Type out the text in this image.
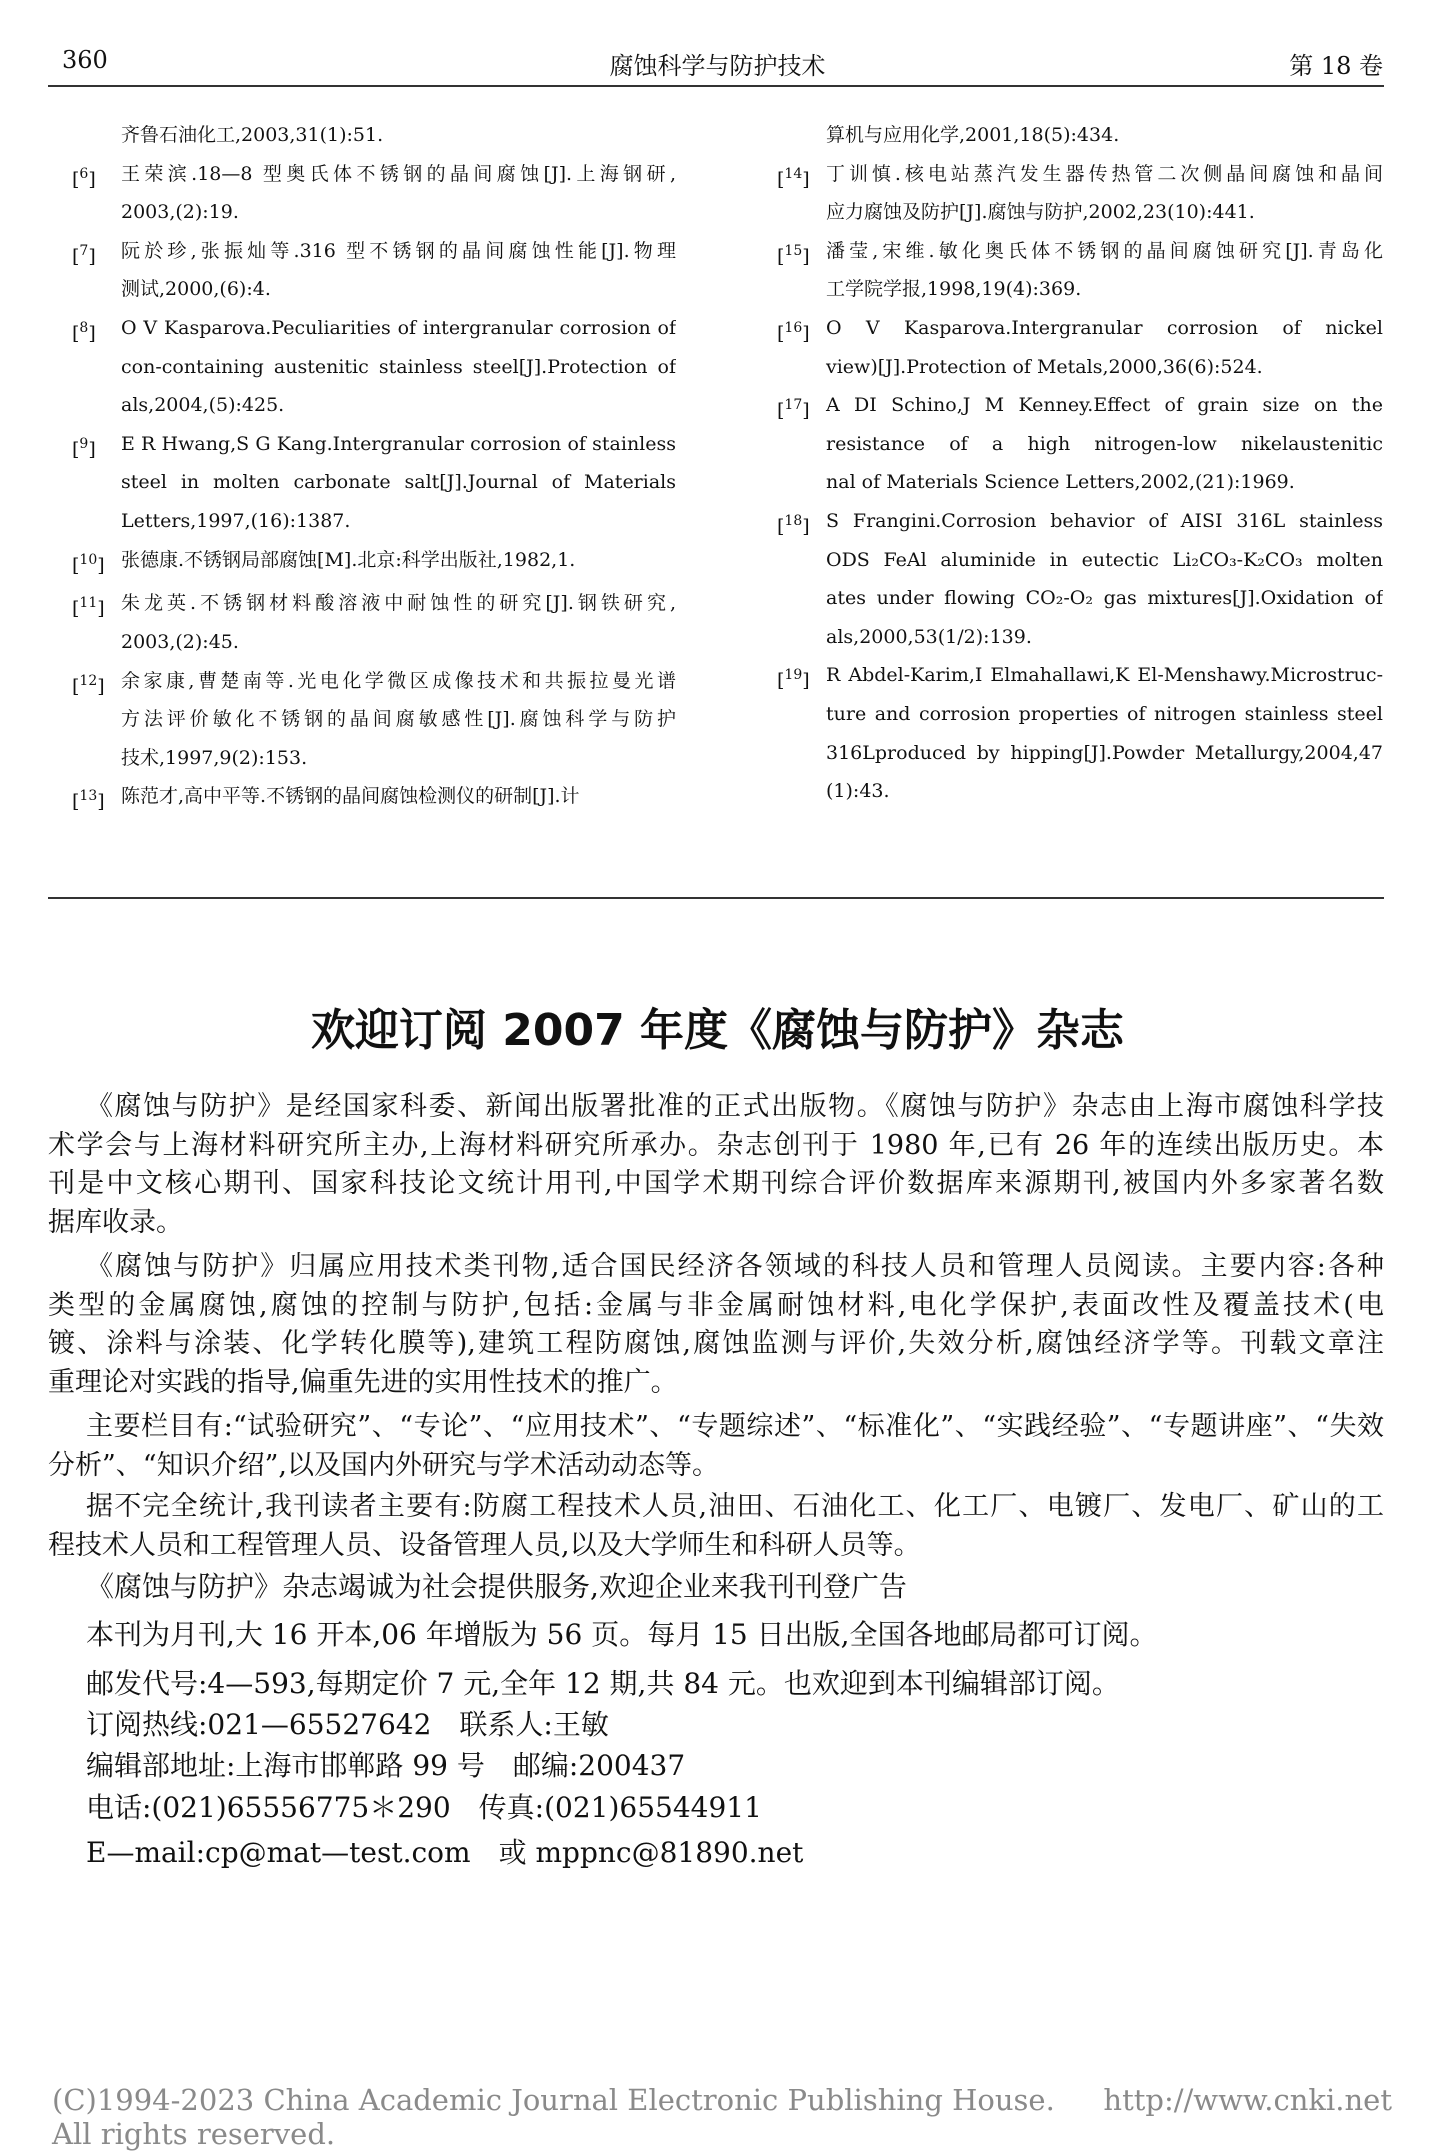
360	腐蚀科学与防护技术	第 18 卷
齐鲁石油化工,2003,31(1):51.
[$^6$]	王荣滨.18—8 型奥氏体不锈钢的晶间腐蚀[J].上海钢研,
2003,(2):19.
[$^7$]	阮於珍,张振灿等.316 型不锈钢的晶间腐蚀性能[J].物理
测试,2000,(6):4.
[$^8$]	O V Kasparova.Peculiarities of intergranular corrosion of
con-containing austenitic stainless steel[J].Protection of
als,2004,(5):425.
[$^9$]	E R Hwang,S G Kang.Intergranular corrosion of stainless
steel in molten carbonate salt[J].Journal of Materials
Letters,1997,(16):1387.
[$^{10}$] 张德康.不锈钢局部腐蚀[M].北京:科学出版社,1982,1.
[$^{11}$] 朱龙英.不锈钢材料酸溶液中耐蚀性的研究[J].钢铁研究,
2003,(2):45.
[$^{12}$] 余家康,曹楚南等.光电化学微区成像技术和共振拉曼光谱
方法评价敏化不锈钢的晶间腐敏感性[J].腐蚀科学与防护
技术,1997,9(2):153.
[$^{13}$] 陈范才,高中平等.不锈钢的晶间腐蚀检测仪的研制[J].计
算机与应用化学,2001,18(5):434.
[$^{14}$] 丁训慎.核电站蒸汽发生器传热管二次侧晶间腐蚀和晶间
应力腐蚀及防护[J].腐蚀与防护,2002,23(10):441.
[$^{15}$] 潘莹,宋维.敏化奥氏体不锈钢的晶间腐蚀研究[J].青岛化
工学院学报,1998,19(4):369.
[$^{16}$] O V Kasparova.Intergranular corrosion of nickel
view)[J].Protection of Metals,2000,36(6):524.
[$^{17}$] A DI Schino,J M Kenney.Effect of grain size on the
resistance of a high nitrogen-low nikelaustenitic
nal of Materials Science Letters,2002,(21):1969.
[$^{18}$] S Frangini.Corrosion behavior of AISI 316L stainless
ODS FeAl aluminide in eutectic Li₂CO₃-K₂CO₃ molten
ates under flowing CO₂-O₂ gas mixtures[J].Oxidation of
als,2000,53(1/2):139.
[$^{19}$] R Abdel-Karim,I Elmahallawi,K El-Menshawy.Microstruc-
ture and corrosion properties of nitrogen stainless steel
316Lproduced by hipping[J].Powder Metallurgy,2004,47
(1):43.
欢迎订阅 2007 年度《腐蚀与防护》杂志
《腐蚀与防护》是经国家科委、新闻出版署批准的正式出版物。《腐蚀与防护》杂志由上海市腐蚀科学技
术学会与上海材料研究所主办,上海材料研究所承办。杂志创刊于 1980 年,已有 26 年的连续出版历史。本
刊是中文核心期刊、国家科技论文统计用刊,中国学术期刊综合评价数据库来源期刊,被国内外多家著名数
据库收录。
《腐蚀与防护》归属应用技术类刊物,适合国民经济各领域的科技人员和管理人员阅读。主要内容:各种
类型的金属腐蚀,腐蚀的控制与防护,包括:金属与非金属耐蚀材料,电化学保护,表面改性及覆盖技术(电
镀、涂料与涂装、化学转化膜等),建筑工程防腐蚀,腐蚀监测与评价,失效分析,腐蚀经济学等。刊载文章注
重理论对实践的指导,偏重先进的实用性技术的推广。
主要栏目有:“试验研究”、“专论”、“应用技术”、“专题综述”、“标准化”、“实践经验”、“专题讲座”、“失效
分析”、“知识介绍”,以及国内外研究与学术活动动态等。
据不完全统计,我刊读者主要有:防腐工程技术人员,油田、石油化工、化工厂、电镀厂、发电厂、矿山的工
程技术人员和工程管理人员、设备管理人员,以及大学师生和科研人员等。
《腐蚀与防护》杂志竭诚为社会提供服务,欢迎企业来我刊刊登广告
本刊为月刊,大 16 开本,06 年增版为 56 页。每月 15 日出版,全国各地邮局都可订阅。
邮发代号:4—593,每期定价 7 元,全年 12 期,共 84 元。也欢迎到本刊编辑部订阅。
订阅热线:021—65527642　联系人:王敏
编辑部地址:上海市邯郸路 99 号　邮编:200437
电话:(021)65556775＊290　传真:(021)65544911
E—mail:cp@mat—test.com　或 mppnc@81890.net
(C)1994-2023 China Academic Journal Electronic Publishing House. All rights reserved.
http://www.cnki.net
